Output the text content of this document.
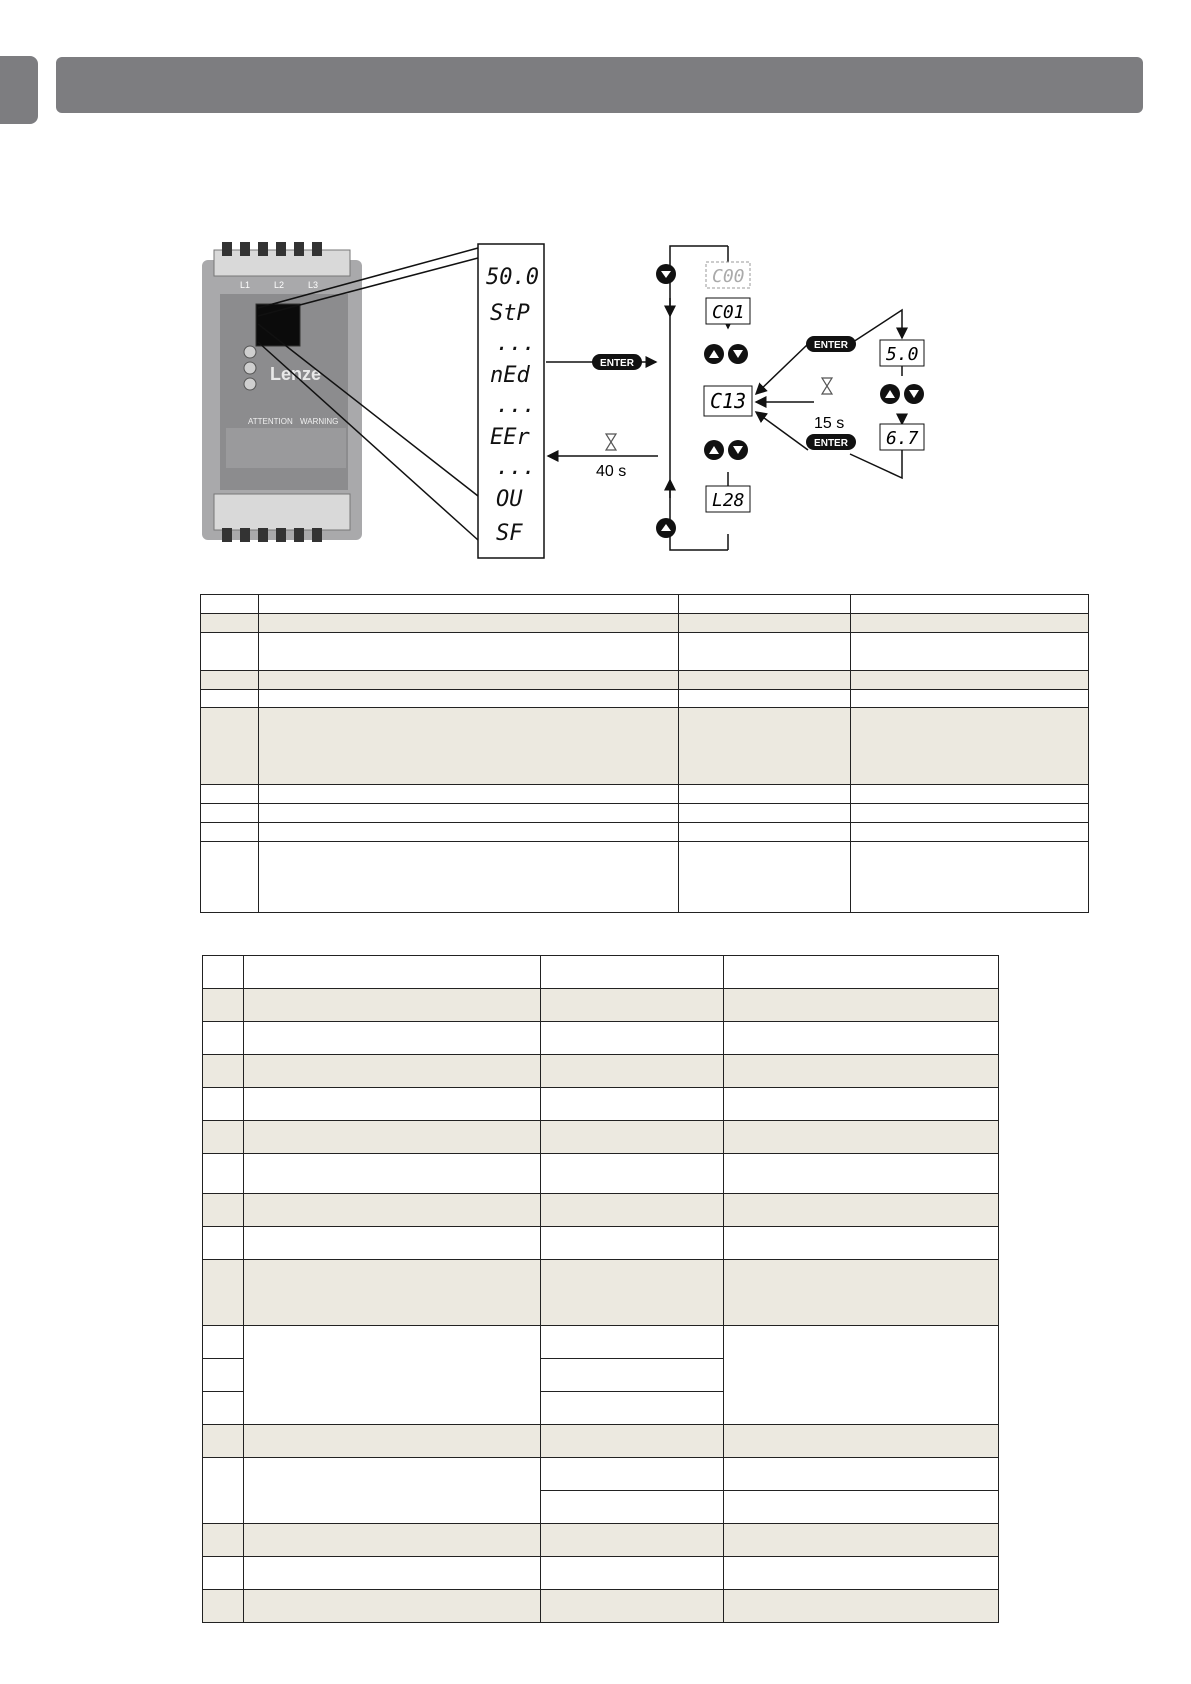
L1	L2	L3
Lenze
ATTENTION WARNING
50.0
StP
...
nEd
...
EEr
...
OU
SF
ENTER
40 s
C00
C01
C13
L28
ENTER
ENTER
15 s
5.0
6.7
